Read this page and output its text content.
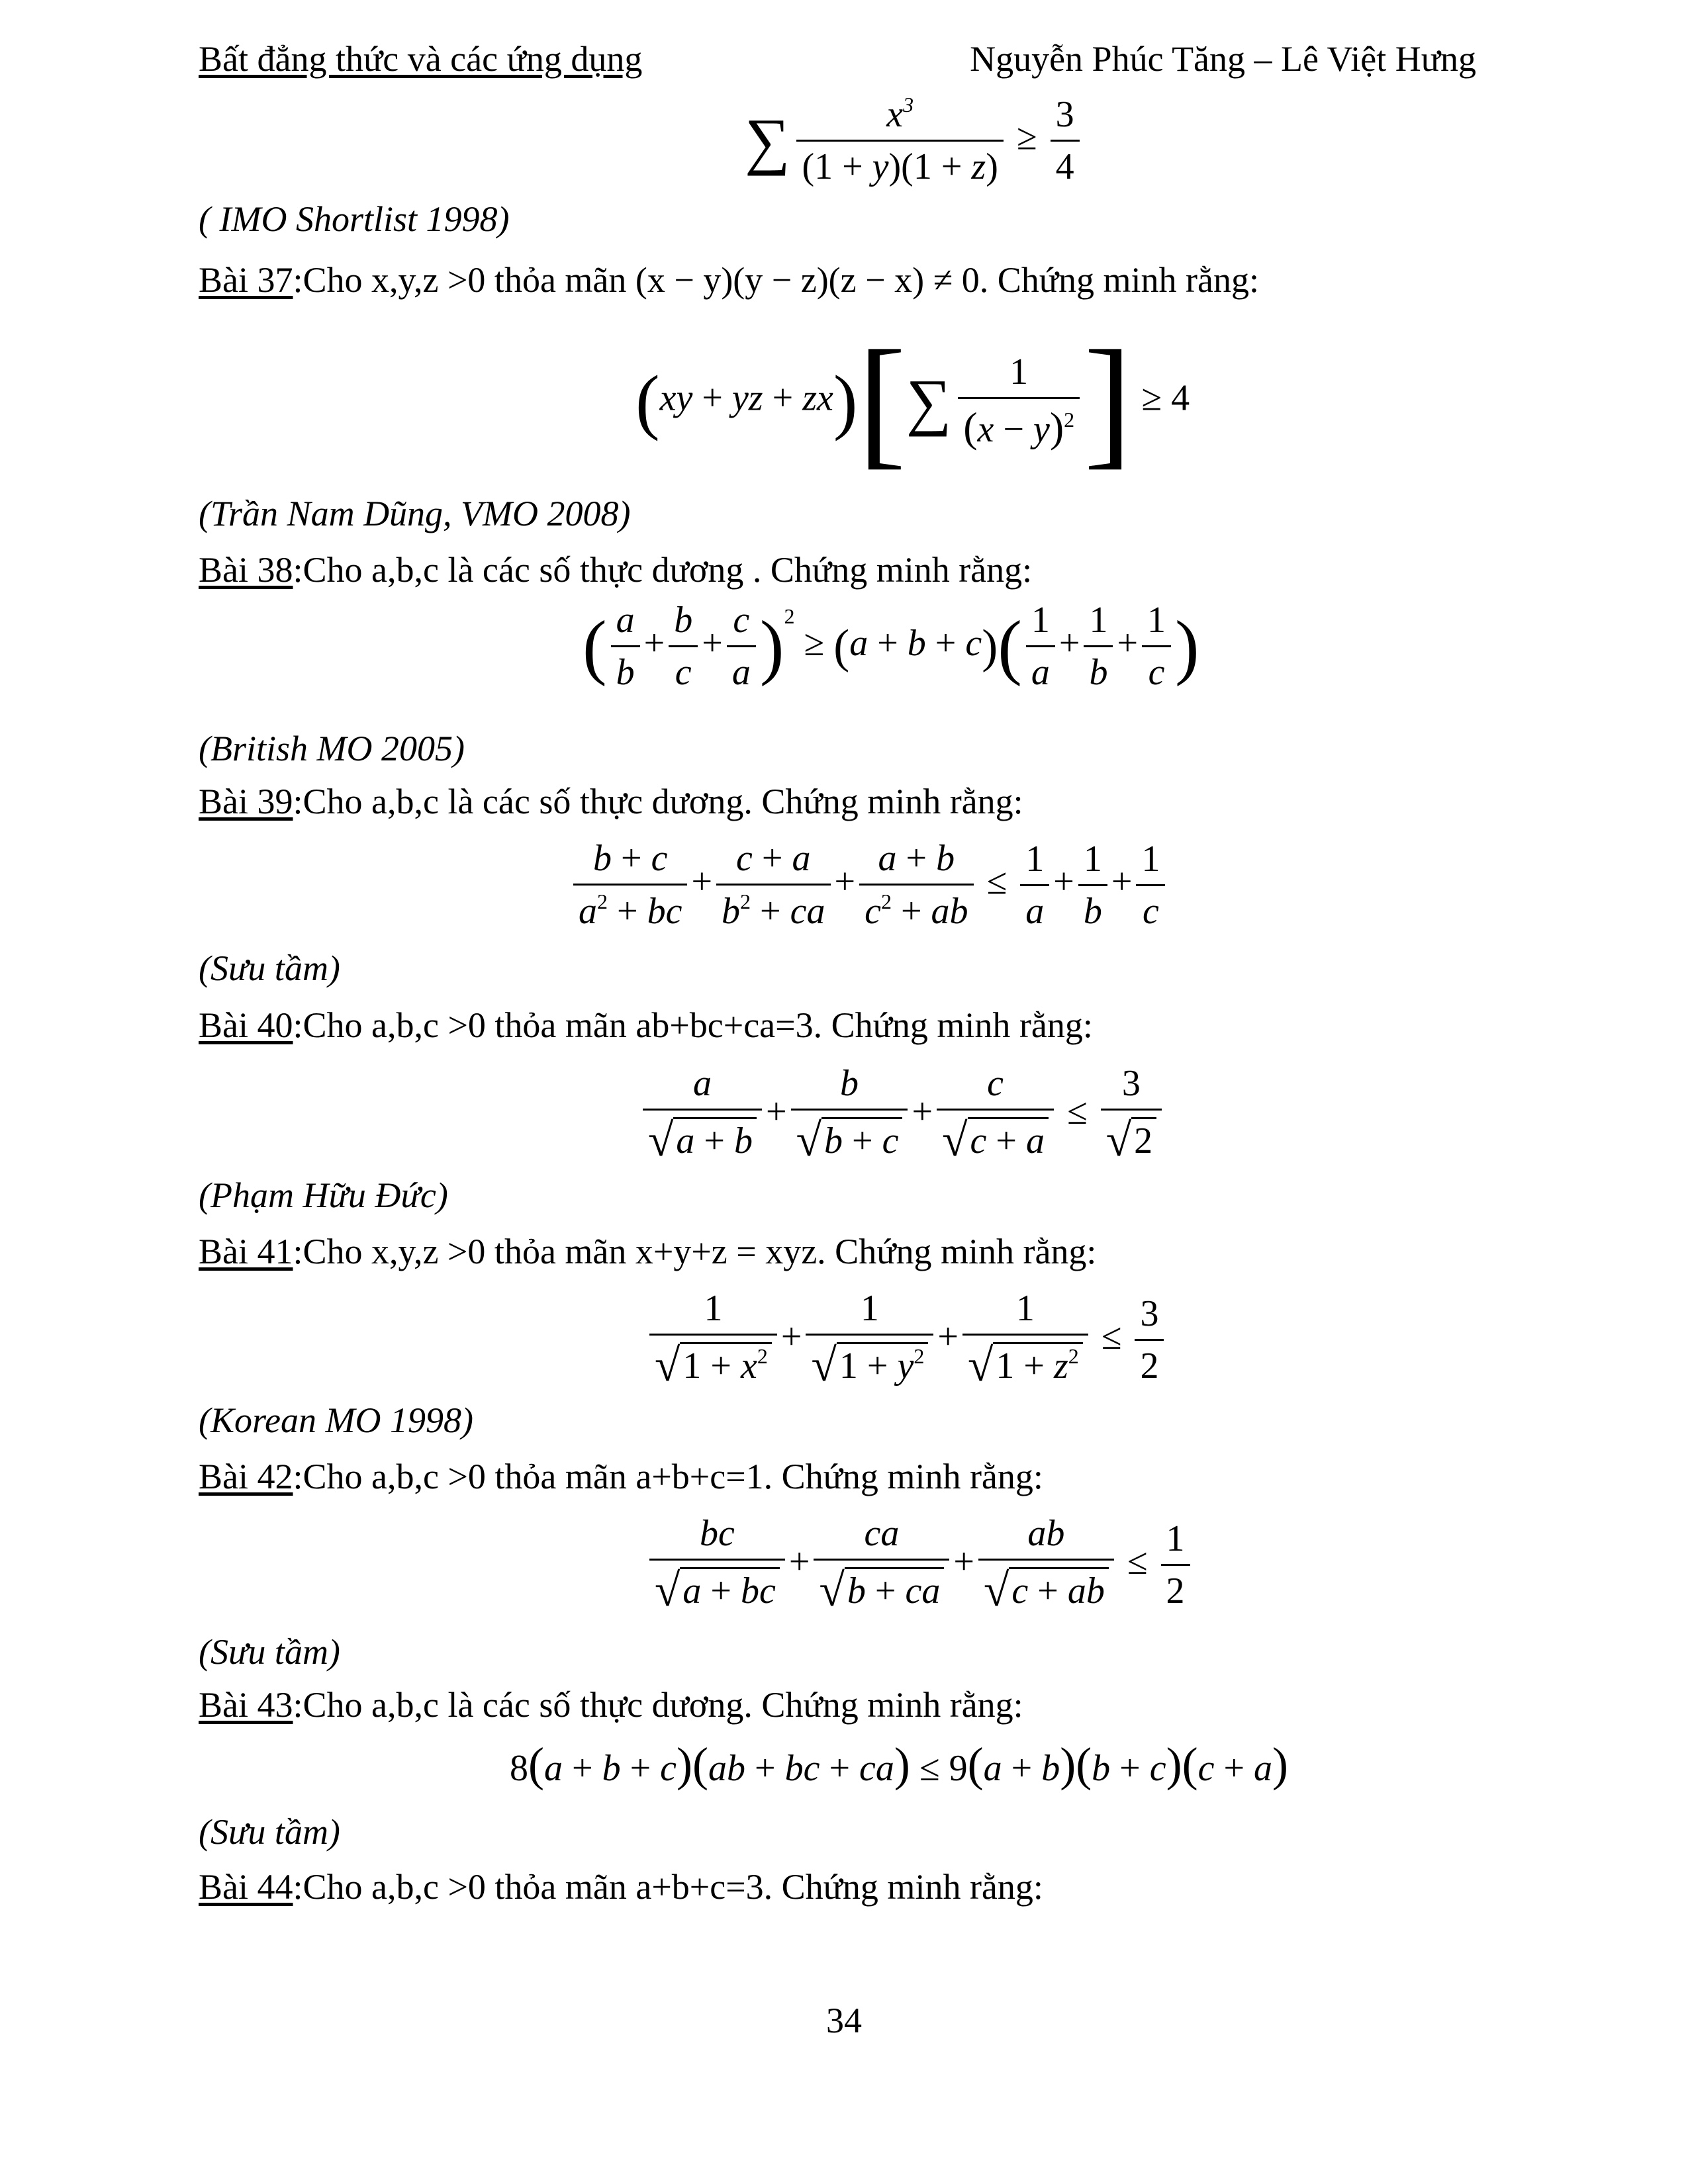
Bất đẳng thức và các ứng dụng	Nguyễn Phúc Tăng – Lê Việt Hưng
∑ $\frac{x^3}{(1 + y)(1 + z)} \ge \frac{3}{4}$
( IMO Shortlist 1998)
Bài 37:Cho x,y,z >0 thỏa mãn (x − y)(y − z)(z − x) ≠ 0. Chứng minh rằng:
(xy + yz + $zx)[\sum \frac{1}{(x - y)^2}$ ] ≥ 4
(Trần Nam Dũng, VMO 2008)
Bài 38:Cho a,b,c là các số thực dương . Chứng minh rằng:
( $\frac{a}{b} + \frac{b}{c} + \frac{c}{a} )^2 \ge (a + b + c)( \frac{1}{a} + \frac{1}{b} + \frac{1}{c}$ )
(British MO 2005)
Bài 39:Cho a,b,c là các số thực dương. Chứng minh rằng:
$\frac{b + c}{a^2 + bc} + \frac{c + a}{b^2 + ca} + \frac{a + b}{c^2 + ab} \le \frac{1}{a} + \frac{1}{b} + \frac{1}{c}$
(Sưu tầm)
Bài 40:Cho a,b,c >0 thỏa mãn ab+bc+ca=3. Chứng minh rằng:
$\frac{a}{√a + b} + \frac{b}{√b + c} + \frac{c}{√c + a} \le \frac{3}{√2}$
(Phạm Hữu Đức)
Bài 41:Cho x,y,z >0 thỏa mãn x+y+z = xyz. Chứng minh rằng:
$\frac{1}{√1 + x^2} + \frac{1}{√1 + y^2} + \frac{1}{√1 + z^2} \le \frac{3}{2}$
(Korean MO 1998)
Bài 42:Cho a,b,c >0 thỏa mãn a+b+c=1. Chứng minh rằng:
$\frac{bc}{√a + bc} + \frac{ca}{√b + ca} + \frac{ab}{√c + ab} \le \frac{1}{2}$
(Sưu tầm)
Bài 43:Cho a,b,c là các số thực dương. Chứng minh rằng:
8(a + b + c)(ab + bc + ca) ≤ 9(a + b)(b + c)(c + a)
(Sưu tầm)
Bài 44:Cho a,b,c >0 thỏa mãn a+b+c=3. Chứng minh rằng:
34
